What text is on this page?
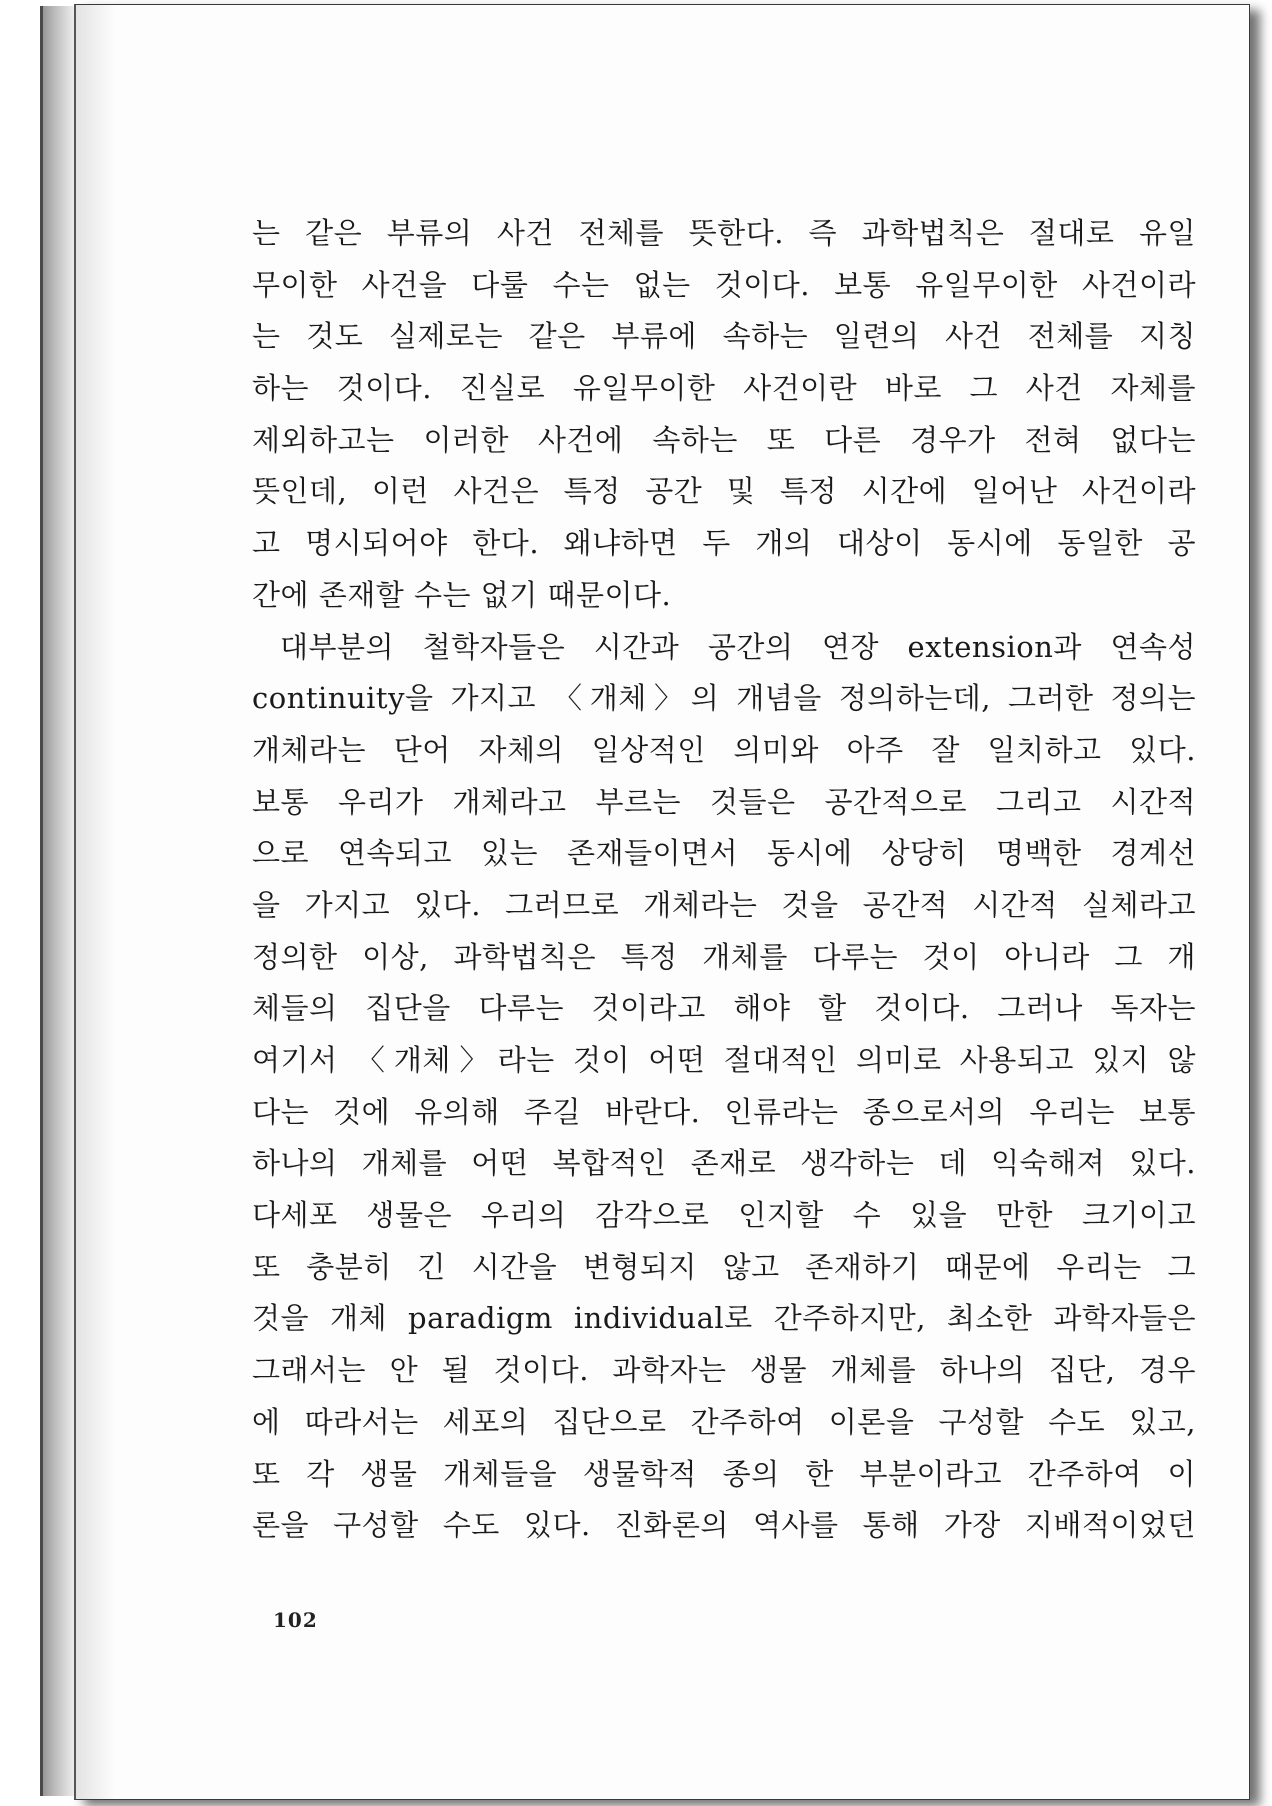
는 같은 부류의 사건 전체를 뜻한다. 즉 과학법칙은 절대로 유일
무이한 사건을 다룰 수는 없는 것이다. 보통 유일무이한 사건이라
는 것도 실제로는 같은 부류에 속하는 일련의 사건 전체를 지칭
하는 것이다. 진실로 유일무이한 사건이란 바로 그 사건 자체를
제외하고는 이러한 사건에 속하는 또 다른 경우가 전혀 없다는
뜻인데, 이런 사건은 특정 공간 및 특정 시간에 일어난 사건이라
고 명시되어야 한다. 왜냐하면 두 개의 대상이 동시에 동일한 공
간에 존재할 수는 없기 때문이다.
대부분의 철학자들은 시간과 공간의 연장 extension과 연속성
continuity을 가지고 〈개체〉의 개념을 정의하는데, 그러한 정의는
개체라는 단어 자체의 일상적인 의미와 아주 잘 일치하고 있다.
보통 우리가 개체라고 부르는 것들은 공간적으로 그리고 시간적
으로 연속되고 있는 존재들이면서 동시에 상당히 명백한 경계선
을 가지고 있다. 그러므로 개체라는 것을 공간적 시간적 실체라고
정의한 이상, 과학법칙은 특정 개체를 다루는 것이 아니라 그 개
체들의 집단을 다루는 것이라고 해야 할 것이다. 그러나 독자는
여기서 〈개체〉라는 것이 어떤 절대적인 의미로 사용되고 있지 않
다는 것에 유의해 주길 바란다. 인류라는 종으로서의 우리는 보통
하나의 개체를 어떤 복합적인 존재로 생각하는 데 익숙해져 있다.
다세포 생물은 우리의 감각으로 인지할 수 있을 만한 크기이고
또 충분히 긴 시간을 변형되지 않고 존재하기 때문에 우리는 그
것을 개체 paradigm individual로 간주하지만, 최소한 과학자들은
그래서는 안 될 것이다. 과학자는 생물 개체를 하나의 집단, 경우
에 따라서는 세포의 집단으로 간주하여 이론을 구성할 수도 있고,
또 각 생물 개체들을 생물학적 종의 한 부분이라고 간주하여 이
론을 구성할 수도 있다. 진화론의 역사를 통해 가장 지배적이었던
102
